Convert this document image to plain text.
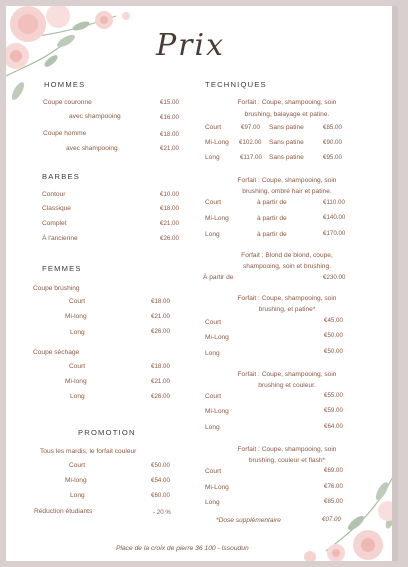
Prix
HOMMES
Coupe couronne	€15.00
avec shampooing	€16.00
Coupe homme	€18.00
avec shampooing	€21.00
BARBES
Contour	€10.00
Classique	€18.00
Complet	€21.00
À l'ancienne	€26.00
FEMMES
Coupe brushing
Court	€18.00
Mi-long	€21.00
Long	€26.00
Coupe séchage
Court	€18.00
Mi-long	€21.00
Long	€26.00
PROMOTION
Tous les mardis, le forfait couleur
Court	€50.00
Mi-long	€54.00
Long	€60.00
Réduction étudiants	- 20 %
TECHNIQUES
Forfait : Coupe, shampooing, soin
brushing, balayage et patine.
Court	€97.00 Sans patine	€85.00
Mi-Long €102.00 Sans patine	€90.00
Long	€117.00 Sans patine	€95.00
Forfait : Coupe, shampooing, soin
brushing, ombré hair et patine.
Court	à partir de	€110.00
Mi-Long	à partir de	€140.00
Long	à partir de	€170.00
Forfait : Blond de blond, coupe,
shampooing, soin et brushing.
À partir de	€230.00
Forfait : Coupe, shampooing, soin
brushing, et patine*
Court	€45.00
Mi-Long	€50.00
Long	€50.00
Forfait : Coupe, shampooing, soin
brushing et couleur.
Court	€55.00
Mi-Long	€59.00
Long	€64.00
Forfait : Coupe, shampooing, soin
brushing, couleur et flash*
Court	€69.00
Mi-Long	€76.00
Long	€85.00
*Dose supplémentaire	€07.00
Place de la croix de pierre 36 100 - Issoudun
